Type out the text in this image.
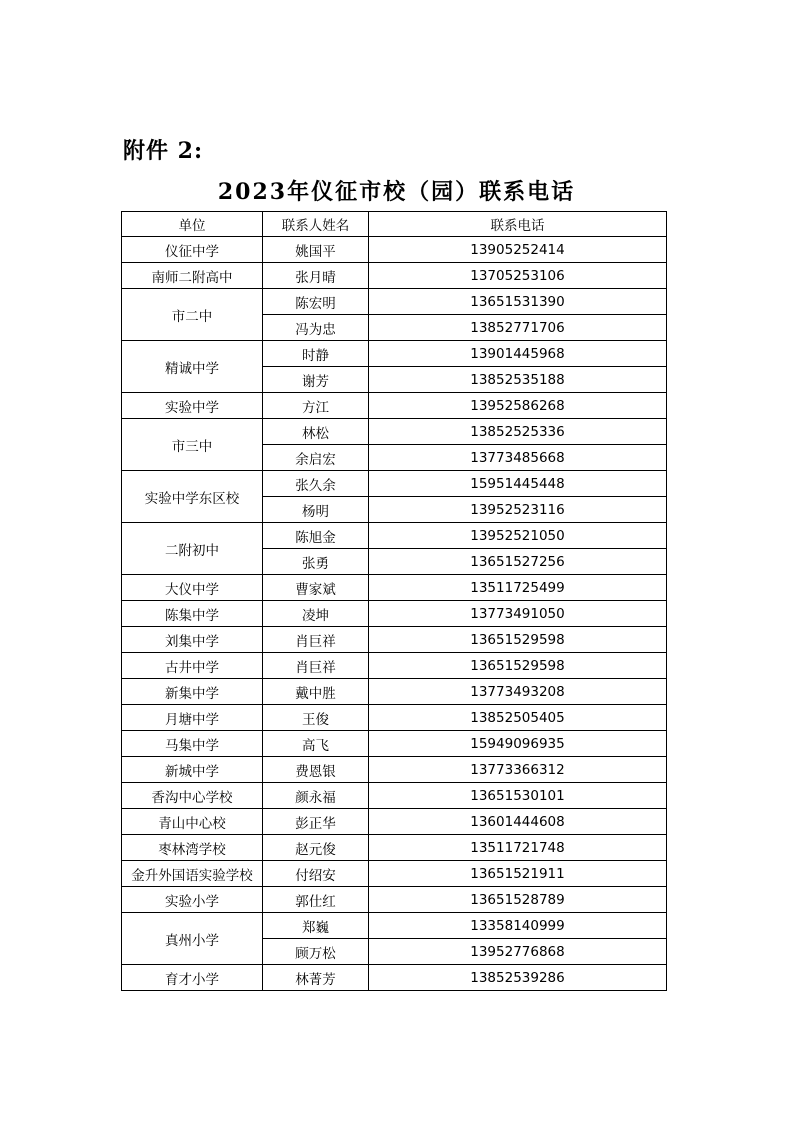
附件 2:
2023年仪征市校（园）联系电话
单位	联系人姓名	联系电话
仪征中学	姚国平	13905252414
南师二附高中	张月晴	13705253106
市二中	陈宏明	13651531390
	冯为忠	13852771706
精诚中学	时静	13901445968
	谢芳	13852535188
实验中学	方江	13952586268
市三中	林松	13852525336
	余启宏	13773485668
实验中学东区校	张久余	15951445448
	杨明	13952523116
二附初中	陈旭金	13952521050
	张勇	13651527256
大仪中学	曹家斌	13511725499
陈集中学	凌坤	13773491050
刘集中学	肖巨祥	13651529598
古井中学	肖巨祥	13651529598
新集中学	戴中胜	13773493208
月塘中学	王俊	13852505405
马集中学	高飞	15949096935
新城中学	费恩银	13773366312
香沟中心学校	颜永福	13651530101
青山中心校	彭正华	13601444608
枣林湾学校	赵元俊	13511721748
金升外国语实验学校	付绍安	13651521911
实验小学	郭仕红	13651528789
真州小学	郑巍	13358140999
	顾万松	13952776868
育才小学	林菁芳	13852539286
